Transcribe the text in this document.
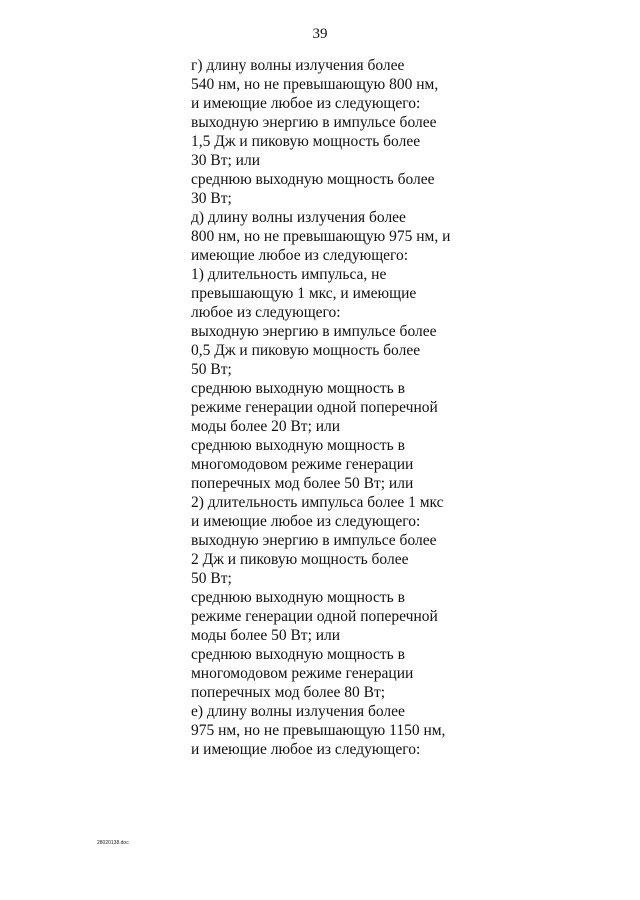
39
г) длину волны излучения более
540 нм, но не превышающую 800 нм,
и имеющие любое из следующего:
выходную энергию в импульсе более
1,5 Дж и пиковую мощность более
30 Вт; или
среднюю выходную мощность более
30 Вт;
д) длину волны излучения более
800 нм, но не превышающую 975 нм, и
имеющие любое из следующего:
1) длительность импульса, не
превышающую 1 мкс, и имеющие
любое из следующего:
выходную энергию в импульсе более
0,5 Дж и пиковую мощность более
50 Вт;
среднюю выходную мощность в
режиме генерации одной поперечной
моды более 20 Вт; или
среднюю выходную мощность в
многомодовом режиме генерации
поперечных мод более 50 Вт; или
2) длительность импульса более 1 мкс
и имеющие любое из следующего:
выходную энергию в импульсе более
2 Дж и пиковую мощность более
50 Вт;
среднюю выходную мощность в
режиме генерации одной поперечной
моды более 50 Вт; или
среднюю выходную мощность в
многомодовом режиме генерации
поперечных мод более 80 Вт;
е) длину волны излучения более
975 нм, но не превышающую 1150 нм,
и имеющие любое из следующего:
28020138.doc
